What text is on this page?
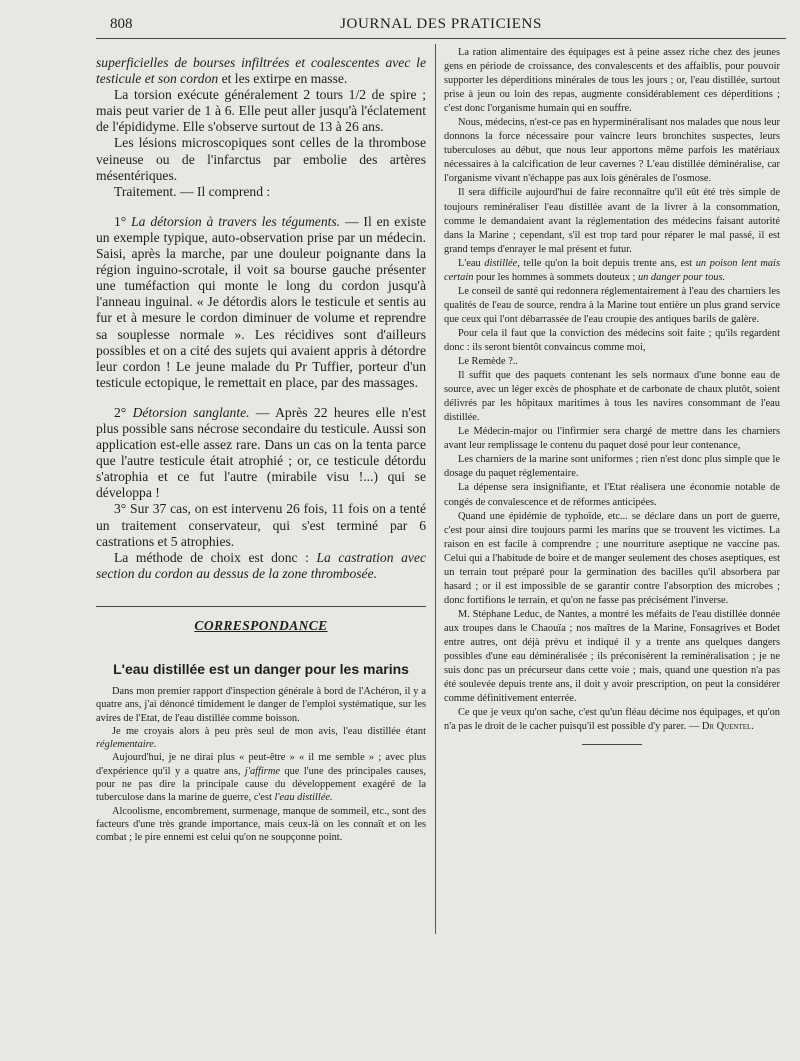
808	JOURNAL DES PRATICIENS

superficielles de bourses infiltrées et coalescentes avec le testicule et son cordon et les extirpe en masse.

La torsion exécute généralement 2 tours 1/2 de spire ; mais peut varier de 1 à 6. Elle peut aller jusqu'à l'éclatement de l'épididyme. Elle s'observe surtout de 13 à 26 ans.

Les lésions microscopiques sont celles de la thrombose veineuse ou de l'infarctus par embolie des artères mésentériques.

Traitement. — Il comprend :

1° La détorsion à travers les téguments. — Il en existe un exemple typique, auto-observation prise par un médecin. Saisi, après la marche, par une douleur poignante dans la région inguino-scrotale, il voit sa bourse gauche présenter une tuméfaction qui monte le long du cordon jusqu'à l'anneau inguinal. « Je détordis alors le testicule et sentis au fur et à mesure le cordon diminuer de volume et reprendre sa souplesse normale ». Les récidives sont d'ailleurs possibles et on a cité des sujets qui avaient appris à détordre leur cordon ! Le jeune malade du Pr Tuffier, porteur d'un testicule ectopique, le remettait en place, par des massages.

2° Détorsion sanglante. — Après 22 heures elle n'est plus possible sans nécrose secondaire du testicule. Aussi son application est-elle assez rare. Dans un cas on la tenta parce que l'autre testicule était atrophié ; or, ce testicule détordu s'atrophia et ce fut l'autre (mirabile visu !...) qui se développa !

3° Sur 37 cas, on est intervenu 26 fois, 11 fois on a tenté un traitement conservateur, qui s'est terminé par 6 castrations et 5 atrophies.

La méthode de choix est donc : La castration avec section du cordon au dessus de la zone thrombosée.

CORRESPONDANCE
L'eau distillée est un danger pour les marins

Dans mon premier rapport d'inspection générale à bord de l'Achéron, il y a quatre ans, j'ai dénoncé timidement le danger de l'emploi systématique, sur les avires de l'Etat, de l'eau distillée comme boisson.

Je me croyais alors à peu près seul de mon avis, l'eau distillée étant réglementaire.

Aujourd'hui, je ne dirai plus « peut-être » « il me semble » ; avec plus d'expérience qu'il y a quatre ans, j'affirme que l'une des principales causes, pour ne pas dire la principale cause du développement exagéré de la tuberculose dans la marine de guerre, c'est l'eau distillée.

Alcoolisme, encombrement, surmenage, manque de sommeil, etc., sont des facteurs d'une très grande importance, mais ceux-là on les connaît et on les combat ; le pire ennemi est celui qu'on ne soupçonne point.

La ration alimentaire des équipages est à peine assez riche chez des jeunes gens en période de croissance, des convalescents et des affaiblis, pour pouvoir supporter les déperditions minérales de tous les jours ; or, l'eau distillée, surtout prise à jeun ou loin des repas, augmente considérablement ces déperditions ; c'est donc l'organisme humain qui en souffre.

Nous, médecins, n'est-ce pas en hyperminéralisant nos malades que nous leur donnons la force nécessaire pour vaincre leurs bronchites suspectes, leurs tuberculoses au début, que nous leur apportons même parfois les matériaux nécessaires à la calcification de leur cavernes ? L'eau distillée déminéralise, car l'organisme vivant n'échappe pas aux lois générales de l'osmose.

Il sera difficile aujourd'hui de faire reconnaître qu'il eût été très simple de toujours reminéraliser l'eau distillée avant de la livrer à la consommation, comme le demandaient avant la réglementation des médecins faisant autorité dans la Marine ; cependant, s'il est trop tard pour réparer le mal passé, il est grand temps d'enrayer le mal présent et futur.

L'eau distillée, telle qu'on la boit depuis trente ans, est un poison lent mais certain pour les hommes à sommets douteux ; un danger pour tous.

Le conseil de santé qui redonnera réglementairement à l'eau des charniers les qualités de l'eau de source, rendra à la Marine tout entière un plus grand service que ceux qui l'ont débarrassée de l'eau croupie des antiques barils de galère.

Pour cela il faut que la conviction des médecins soit faite ; qu'ils regardent donc : ils seront bientôt convaincus comme moi,

Le Remède ?..

Il suffit que des paquets contenant les sels normaux d'une bonne eau de source, avec un léger excès de phosphate et de carbonate de chaux plutôt, soient délivrés par les hôpitaux maritimes à tous les navires consommant de l'eau distillée.

Le Médecin-major ou l'infirmier sera chargé de mettre dans les charniers avant leur remplissage le contenu du paquet dosé pour leur contenance,

Les charniers de la marine sont uniformes ; rien n'est donc plus simple que le dosage du paquet réglementaire.

La dépense sera insignifiante, et l'Etat réalisera une économie notable de congés de convalescence et de réformes anticipées.

Quand une épidémie de typhoïde, etc... se déclare dans un port de guerre, c'est pour ainsi dire toujours parmi les marins que se trouvent les victimes. La raison en est facile à comprendre ; une nourriture aseptique ne vaccine pas. Celui qui a l'habitude de boire et de manger seulement des choses aseptiques, est un terrain tout préparé pour la germination des bacilles qu'il absorbera par hasard ; or il est impossible de se garantir contre l'absorption des microbes ; donc fortifions le terrain, et qu'on ne fasse pas précisément l'inverse.

M. Stéphane Leduc, de Nantes, a montré les méfaits de l'eau distillée donnée aux troupes dans le Chaouïa ; nos maîtres de la Marine, Fonsagrives et Bodet entre autres, ont déjà prévu et indiqué il y a trente ans quelques dangers possibles d'une eau déminéralisée ; ils préconisèrent la reminéralisation ; je ne suis donc pas un précurseur dans cette voie ; mais, quand une question n'a pas été soulevée depuis trente ans, il doit y avoir prescription, on peut la considérer comme définitivement enterrée.

Ce que je veux qu'on sache, c'est qu'un fléau décime nos équipages, et qu'on n'a pas le droit de le cacher puisqu'il est possible d'y parer. — Dr Quentel.
